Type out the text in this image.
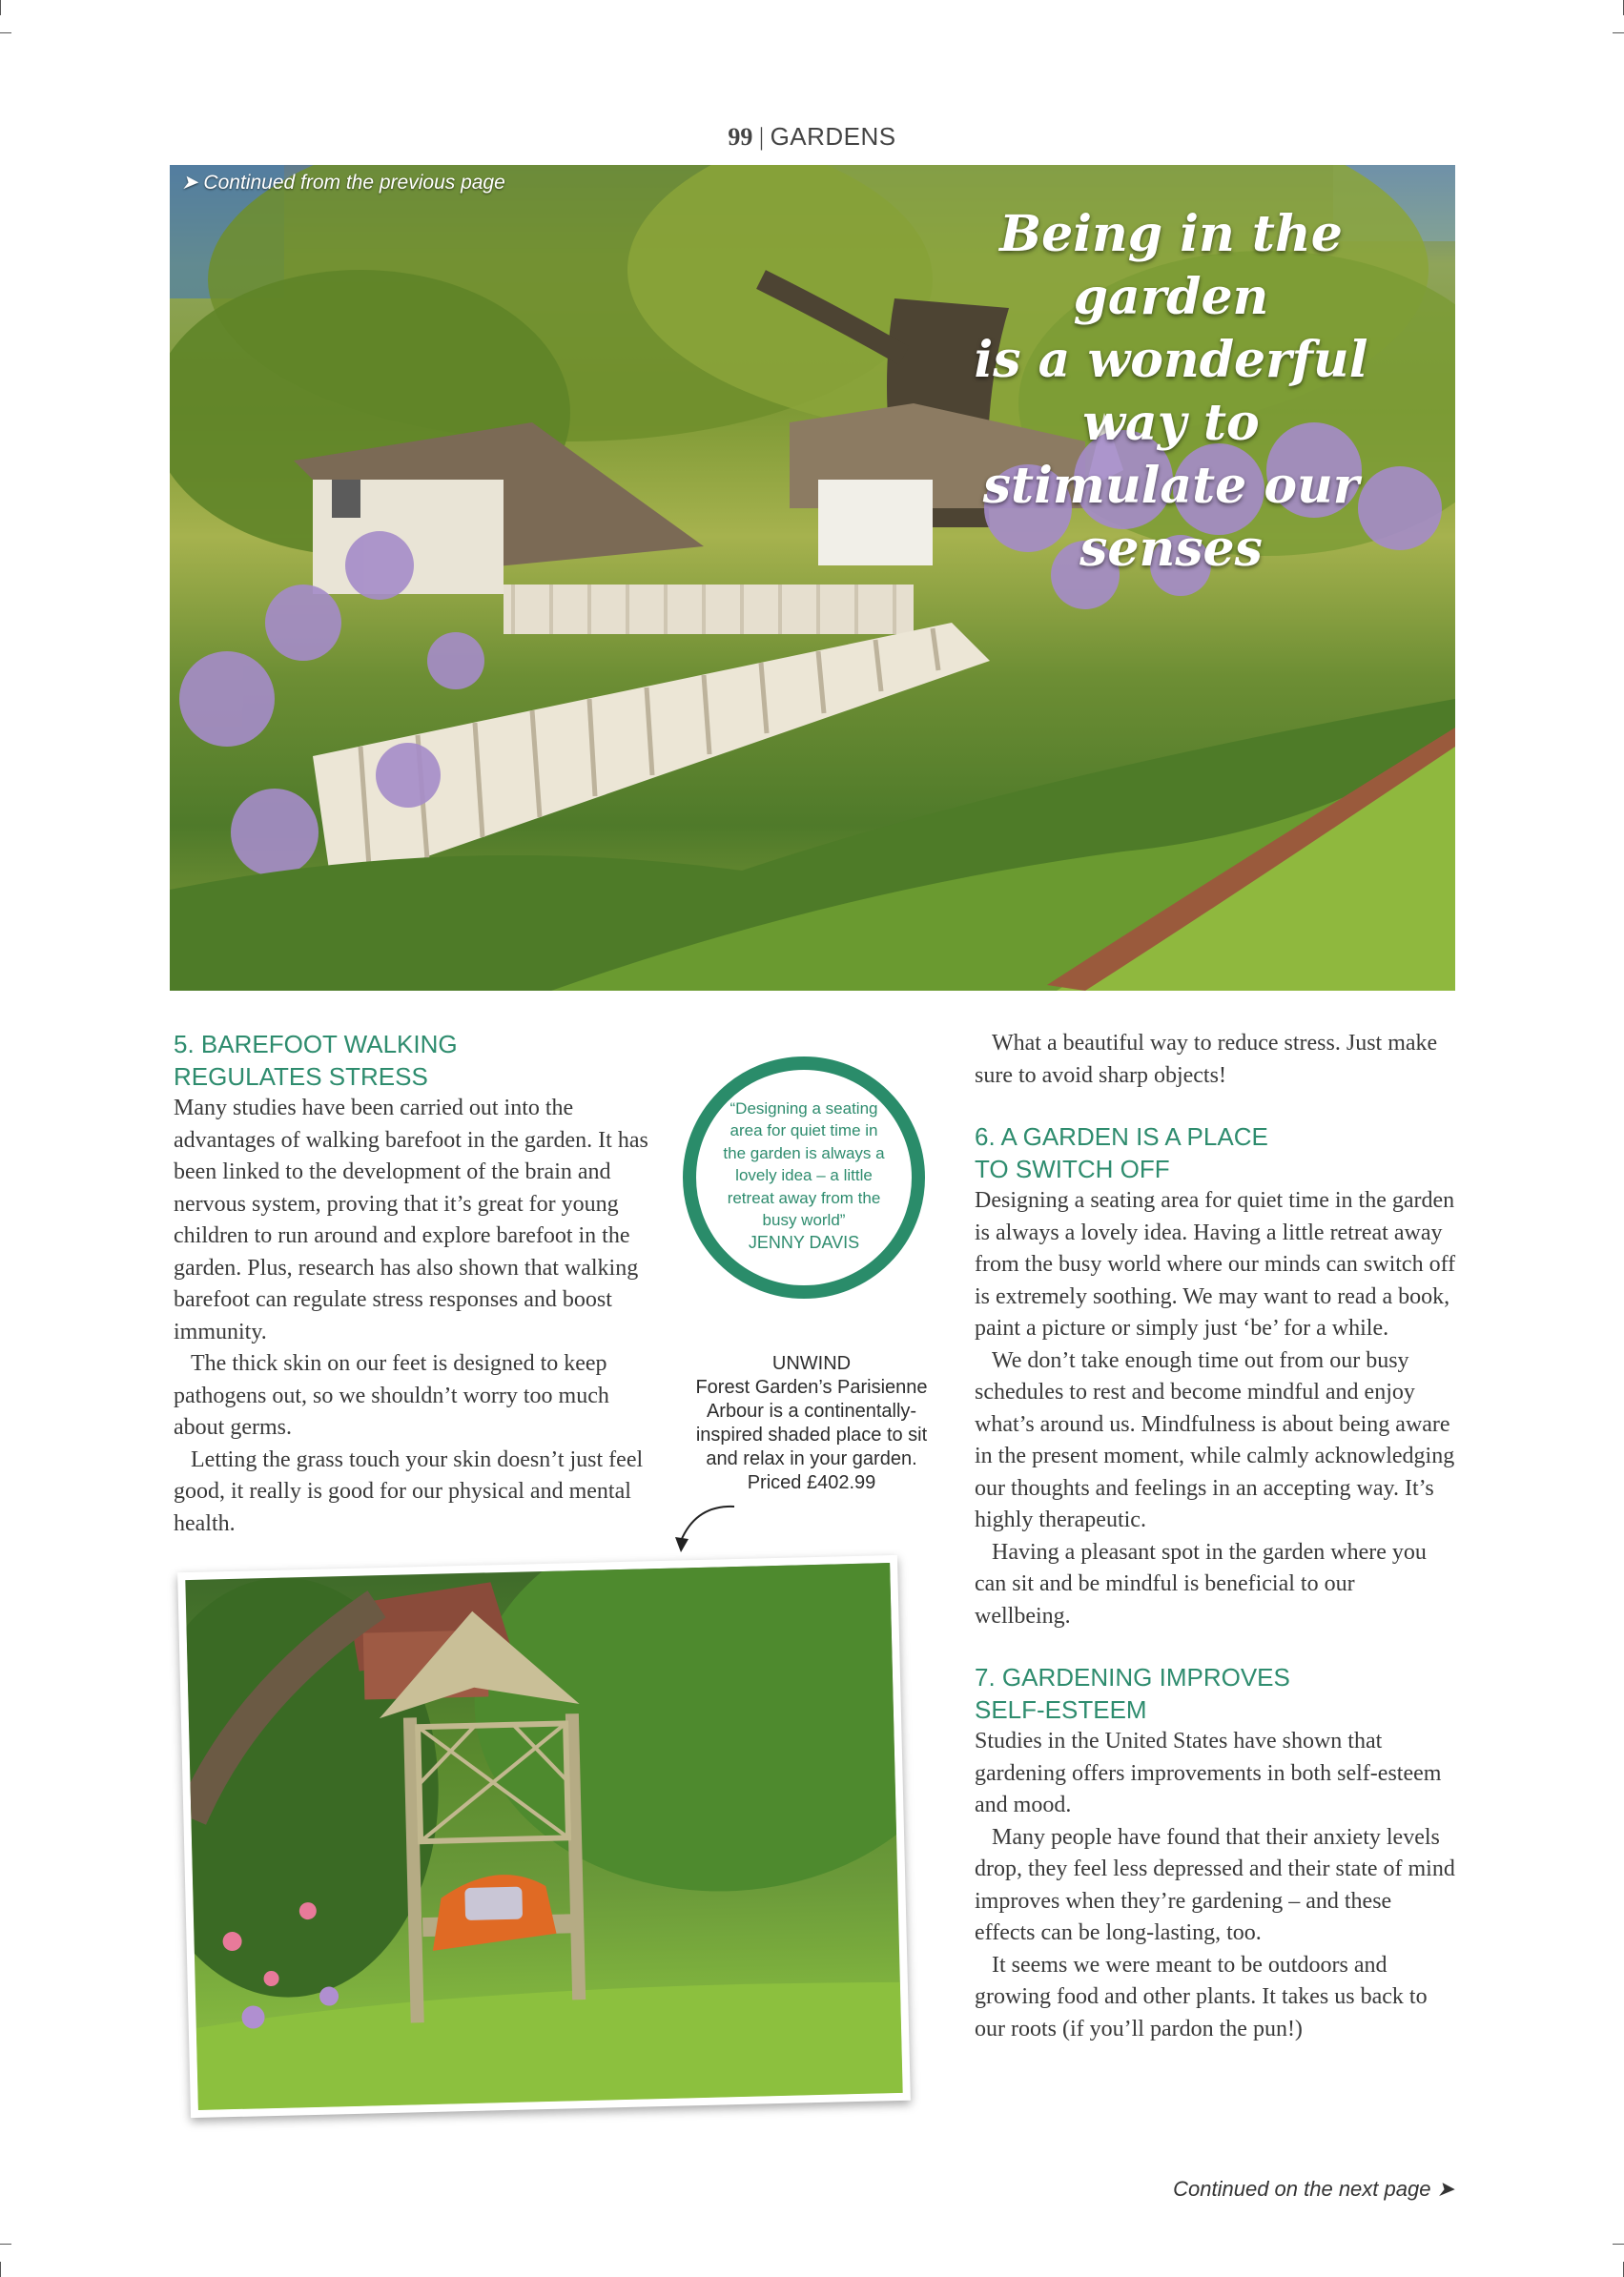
99 | GARDENS
➤ Continued from the previous page
Being in the garden
is a wonderful way to
stimulate our senses
5. BAREFOOT WALKING
REGULATES STRESS

Many studies have been carried out into the advantages of walking barefoot in the garden. It has been linked to the development of the brain and nervous system, proving that it’s great for young children to run around and explore barefoot in the garden. Plus, research has also shown that walking barefoot can regulate stress responses and boost immunity.

The thick skin on our feet is designed to keep pathogens out, so we shouldn’t worry too much about germs.

Letting the grass touch your skin doesn’t just feel good, it really is good for our physical and mental health.

“Designing a seating area for quiet time in the garden is always a lovely idea – a little retreat away from the busy world”
JENNY DAVIS
UNWIND
Forest Garden’s Parisienne Arbour is a continentally-inspired shaded place to sit and relax in your garden. Priced £402.99

What a beautiful way to reduce stress. Just make sure to avoid sharp objects!

6. A GARDEN IS A PLACE
TO SWITCH OFF

Designing a seating area for quiet time in the garden is always a lovely idea. Having a little retreat away from the busy world where our minds can switch off is extremely soothing. We may want to read a book, paint a picture or simply just ‘be’ for a while.

We don’t take enough time out from our busy schedules to rest and become mindful and enjoy what’s around us. Mindfulness is about being aware in the present moment, while calmly acknowledging our thoughts and feelings in an accepting way. It’s highly therapeutic.

Having a pleasant spot in the garden where you can sit and be mindful is beneficial to our wellbeing.

7. GARDENING IMPROVES
SELF-ESTEEM

Studies in the United States have shown that gardening offers improvements in both self-esteem and mood.

Many people have found that their anxiety levels drop, they feel less depressed and their state of mind improves when they’re gardening – and these effects can be long-lasting, too.

It seems we were meant to be outdoors and growing food and other plants. It takes us back to our roots (if you’ll pardon the pun!)

Continued on the next page ➤
